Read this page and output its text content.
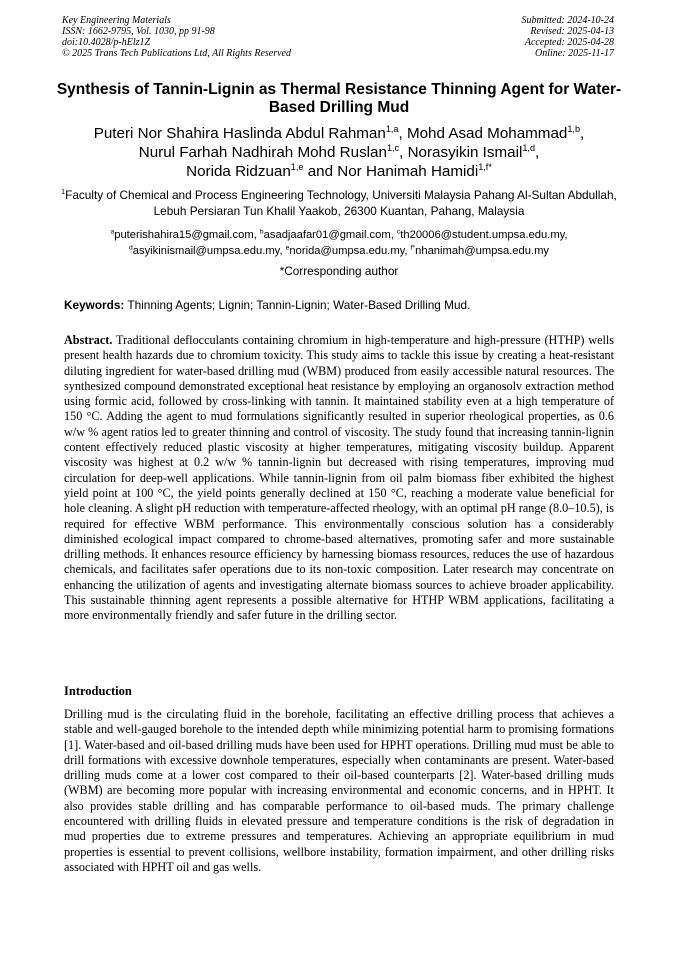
Key Engineering Materials
ISSN: 1662-9795, Vol. 1030, pp 91-98
doi:10.4028/p-hElz1Z
© 2025 Trans Tech Publications Ltd, All Rights Reserved
Submitted: 2024-10-24
Revised: 2025-04-13
Accepted: 2025-04-28
Online: 2025-11-17
Synthesis of Tannin-Lignin as Thermal Resistance Thinning Agent for Water-Based Drilling Mud
Puteri Nor Shahira Haslinda Abdul Rahman$^{1,a}$, Mohd Asad Mohammad$^{1,b}$,
Nurul Farhah Nadhirah Mohd Ruslan$^{1,c}$, Norasyikin Ismail$^{1,d}$,
Norida Ridzuan$^{1,e}$ and Nor Hanimah Hamidi$^{1,f*}$
$^1$Faculty of Chemical and Process Engineering Technology, Universiti Malaysia Pahang Al-Sultan Abdullah, Lebuh Persiaran Tun Khalil Yaakob, 26300 Kuantan, Pahang, Malaysia
$^a$puterishahira15@gmail.com, $^b$asadjaafar01@gmail.com, $^c$th20006@student.umpsa.edu.my,
$^d$asyikinismail@umpsa.edu.my, $^e$norida@umpsa.edu.my, $^{f*}$nhanimah@umpsa.edu.my
*Corresponding author
Keywords: Thinning Agents; Lignin; Tannin-Lignin; Water-Based Drilling Mud.

Abstract. Traditional deflocculants containing chromium in high-temperature and high-pressure (HTHP) wells present health hazards due to chromium toxicity. This study aims to tackle this issue by creating a heat-resistant diluting ingredient for water-based drilling mud (WBM) produced from easily accessible natural resources. The synthesized compound demonstrated exceptional heat resistance by employing an organosolv extraction method using formic acid, followed by cross-linking with tannin. It maintained stability even at a high temperature of 150 °C. Adding the agent to mud formulations significantly resulted in superior rheological properties, as 0.6 w/w % agent ratios led to greater thinning and control of viscosity. The study found that increasing tannin-lignin content effectively reduced plastic viscosity at higher temperatures, mitigating viscosity buildup. Apparent viscosity was highest at 0.2 w/w % tannin-lignin but decreased with rising temperatures, improving mud circulation for deep-well applications. While tannin-lignin from oil palm biomass fiber exhibited the highest yield point at 100 °C, the yield points generally declined at 150 °C, reaching a moderate value beneficial for hole cleaning. A slight pH reduction with temperature-affected rheology, with an optimal pH range (8.0–10.5), is required for effective WBM performance. This environmentally conscious solution has a considerably diminished ecological impact compared to chrome-based alternatives, promoting safer and more sustainable drilling methods. It enhances resource efficiency by harnessing biomass resources, reduces the use of hazardous chemicals, and facilitates safer operations due to its non-toxic composition. Later research may concentrate on enhancing the utilization of agents and investigating alternate biomass sources to achieve broader applicability. This sustainable thinning agent represents a possible alternative for HTHP WBM applications, facilitating a more environmentally friendly and safer future in the drilling sector.

Introduction

Drilling mud is the circulating fluid in the borehole, facilitating an effective drilling process that achieves a stable and well-gauged borehole to the intended depth while minimizing potential harm to promising formations [1]. Water-based and oil-based drilling muds have been used for HPHT operations. Drilling mud must be able to drill formations with excessive downhole temperatures, especially when contaminants are present. Water-based drilling muds come at a lower cost compared to their oil-based counterparts [2]. Water-based drilling muds (WBM) are becoming more popular with increasing environmental and economic concerns, and in HPHT. It also provides stable drilling and has comparable performance to oil-based muds. The primary challenge encountered with drilling fluids in elevated pressure and temperature conditions is the risk of degradation in mud properties due to extreme pressures and temperatures. Achieving an appropriate equilibrium in mud properties is essential to prevent collisions, wellbore instability, formation impairment, and other drilling risks associated with HPHT oil and gas wells.
